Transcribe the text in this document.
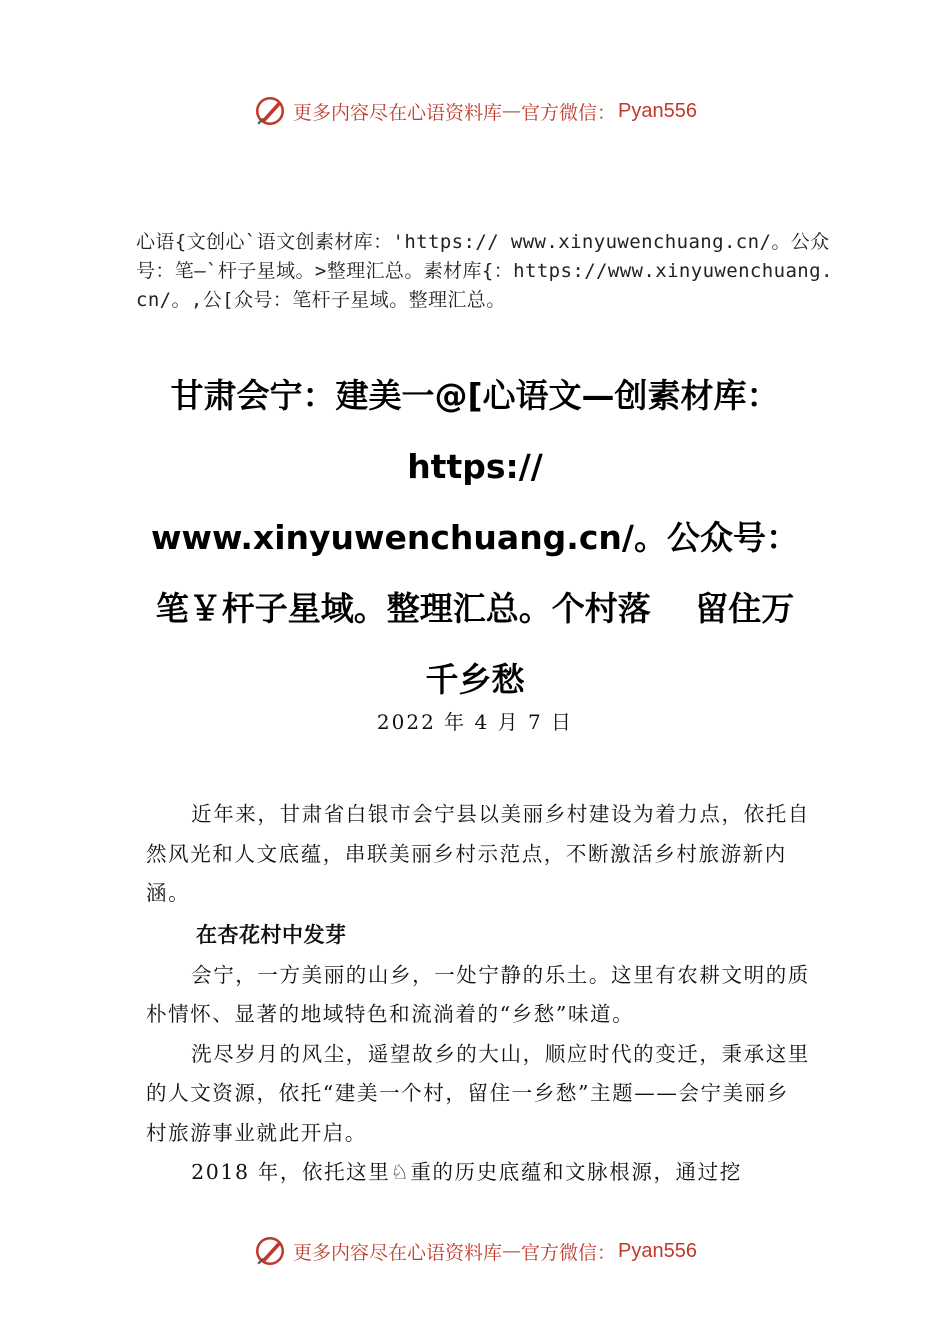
更多内容尽在心语资料库 — 官方微信： Pyan556

心语{文创心`语文创素材库：'https:// www.xinyuwenchuang.cn/。公众号：笔—`杆子星域。>整理汇总。素材库{：https://www.xinyuwenchuang.cn/。,公[众号：笔杆子星域。整理汇总。

甘肃会宁：建美一@[心语文—创素材库：
https://
www.xinyuwenchuang.cn/。公众号：
笔￥杆子星域。整理汇总。个村落　 留住万
千乡愁
2022 年 4 月 7 日

近年来，甘肃省白银市会宁县以美丽乡村建设为着力点，依托自然风光和人文底蕴，串联美丽乡村示范点，不断激活乡村旅游新内涵。

在杏花村中发芽

会宁，一方美丽的山乡，一处宁静的乐土。这里有农耕文明的质朴情怀、显著的地域特色和流淌着的“乡愁”味道。

洗尽岁月的风尘，遥望故乡的大山，顺应时代的变迁，秉承这里的人文资源，依托“建美一个村，留住一乡愁”主题——会宁美丽乡村旅游事业就此开启。

2018 年，依托这里♘重的历史底蕴和文脉根源，通过挖

更多内容尽在心语资料库 — 官方微信： Pyan556
